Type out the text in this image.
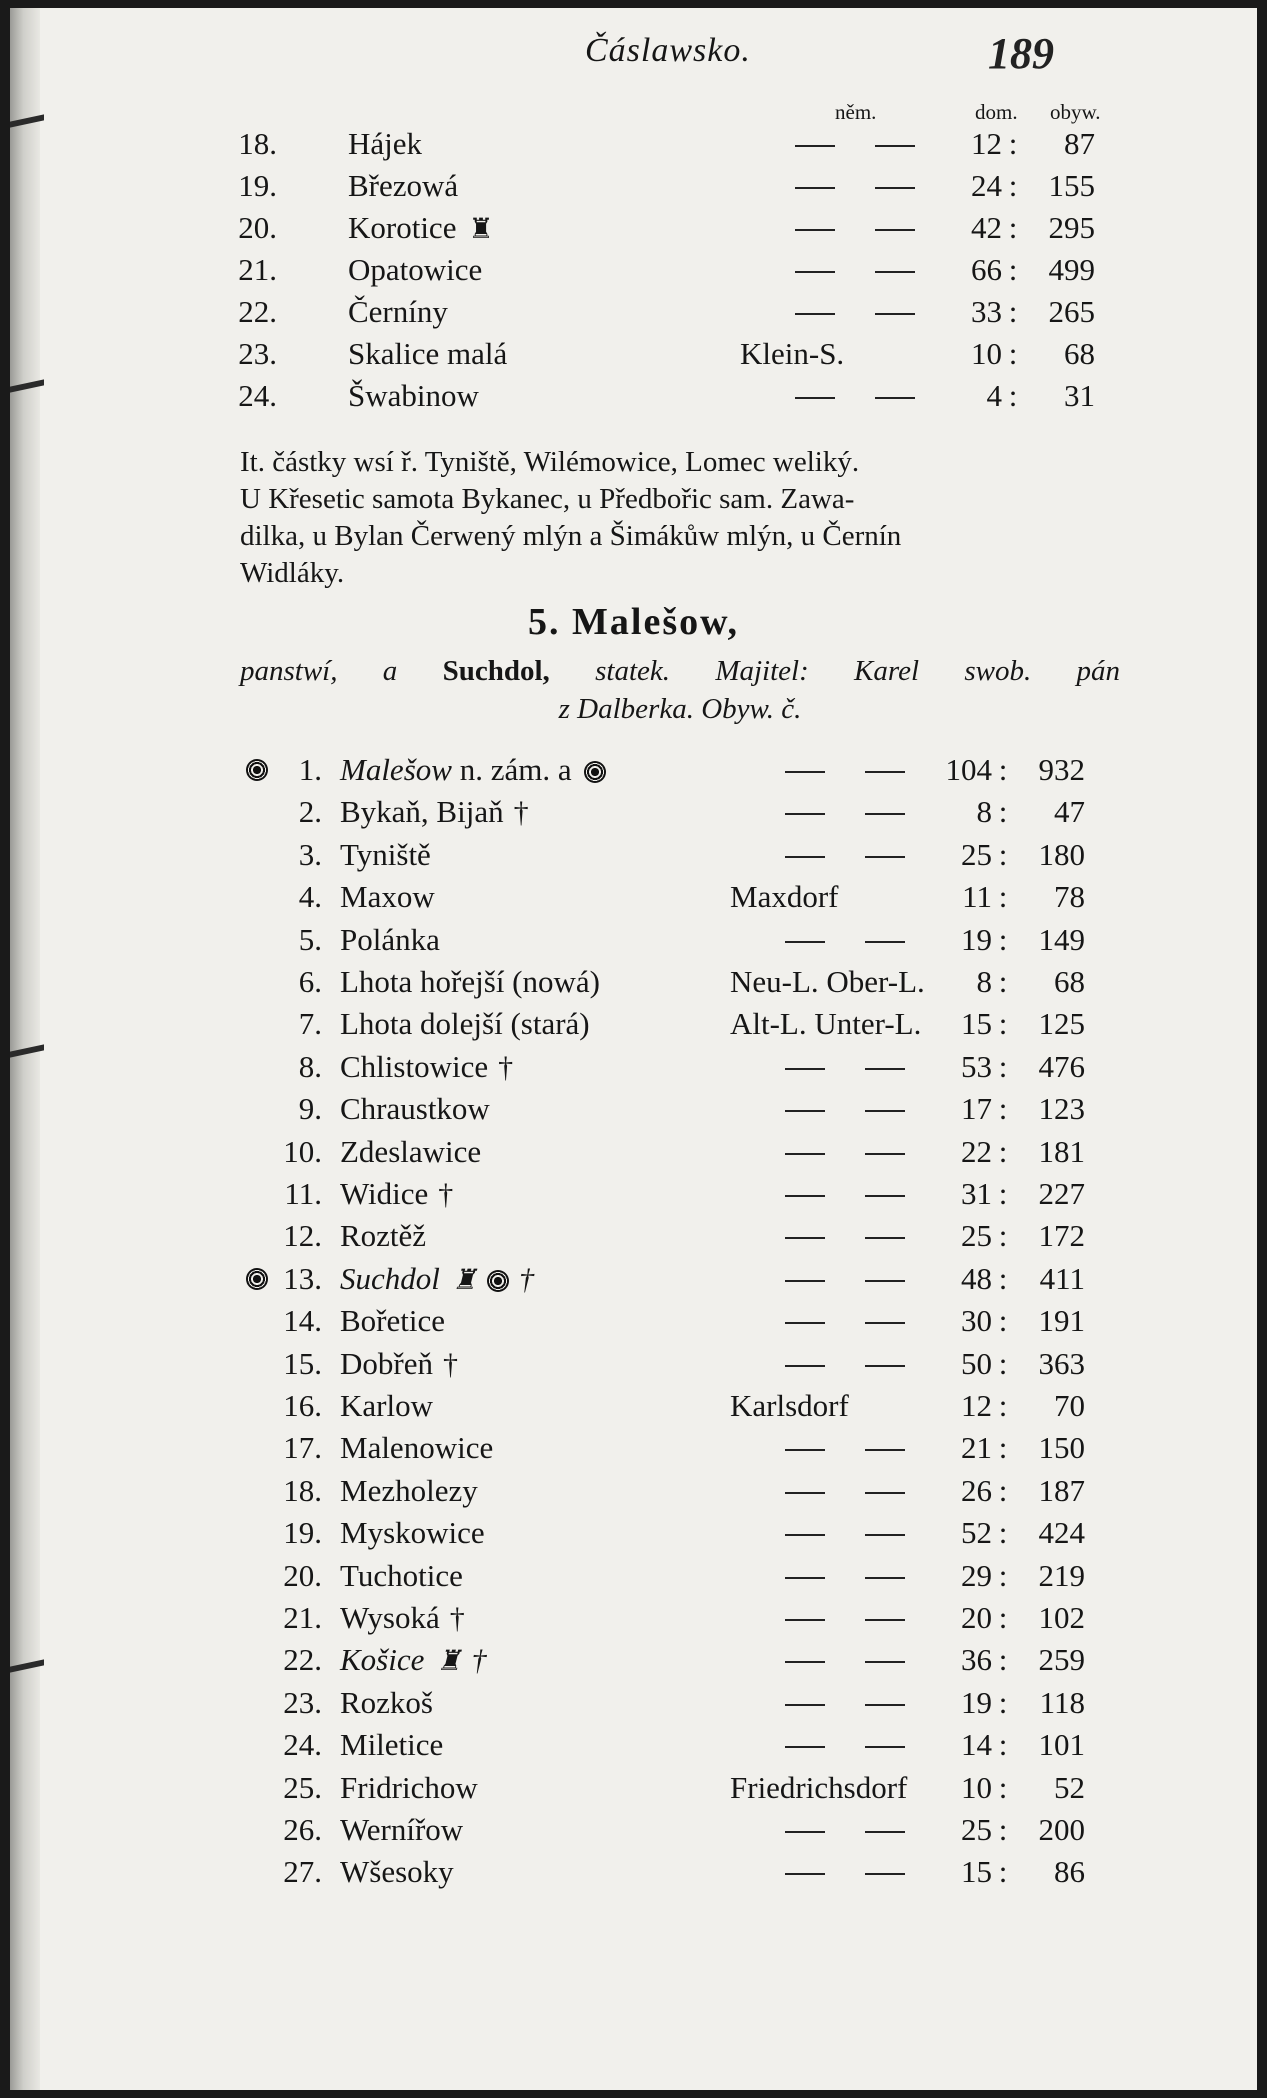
Čáslawsko.	189
něm.	dom. obyw.
18. Hájek	12 :	87
19. Březowá	24 :	155
20. Korotice ♜	42 :	295
21. Opatowice	66 :	499
22. Černíny	33 :	265
23. Skalice malá	Klein-S.	10 :	68
24. Šwabinow	4 :	31
It. částky wsí ř. Tyniště, Wilémowice, Lomec weliký.
U Křesetic samota Bykanec, u Předbořic sam. Zawa-
dilka, u Bylan Čerwený mlýn a Šimákůw mlýn, u Černín
Widláky.
5. Malešow,
panstwí, a Suchdol, statek. Majitel: Karel swob. pán
z Dalberka. Obyw. č.
1. Malešow n. zám. a	104 :	932
2. Bykaň, Bijaň †	8 :	47
3. Tyniště	25 :	180
4. Maxow	Maxdorf	11 :	78
5. Polánka	19 :	149
6. Lhota hořejší (nowá)	Neu-L. Ober-L.	8 :	68
7. Lhota dolejší (stará)	Alt-L. Unter-L.	15 :	125
8. Chlistowice †	53 :	476
9. Chraustkow	17 :	123
10. Zdeslawice	22 :	181
11. Widice †	31 :	227
12. Roztěž	25 :	172
13. Suchdol ♜ †	48 :	411
14. Bořetice	30 :	191
15. Dobřeň †	50 :	363
16. Karlow	Karlsdorf	12 :	70
17. Malenowice	21 :	150
18. Mezholezy	26 :	187
19. Myskowice	52 :	424
20. Tuchotice	29 :	219
21. Wysoká †	20 :	102
22. Košice ♜ †	36 :	259
23. Rozkoš	19 :	118
24. Miletice	14 :	101
25. Fridrichow	Friedrichsdorf	10 :	52
26. Wernířow	25 :	200
27. Wšesoky	15 :	86
